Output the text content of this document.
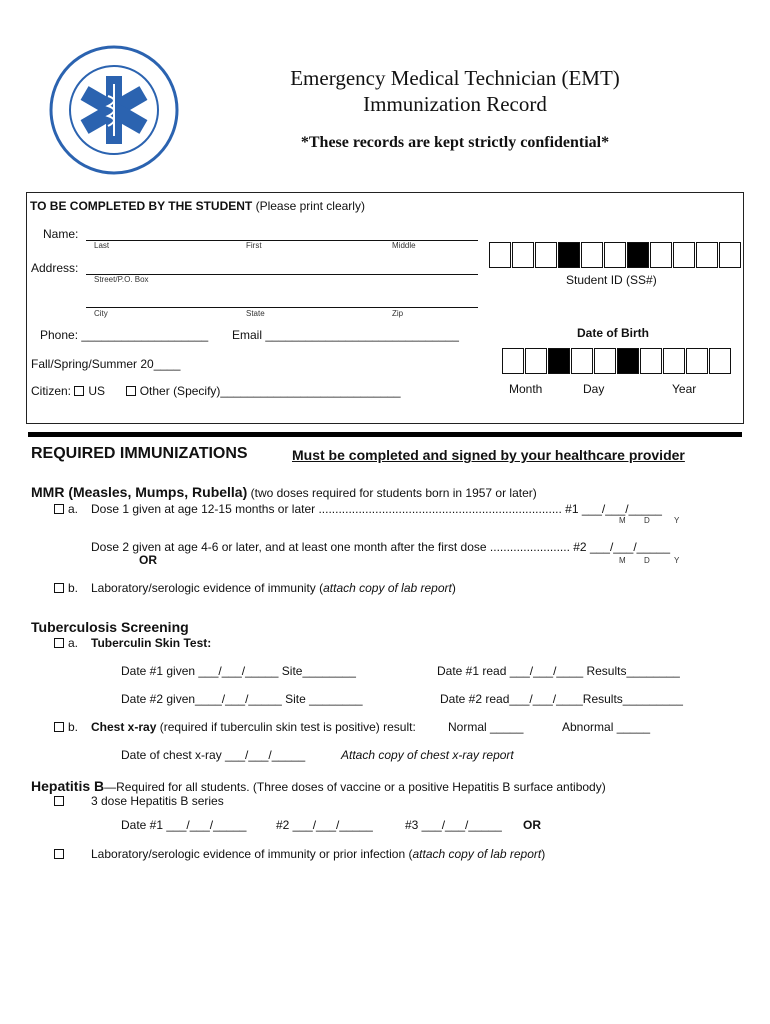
Emergency Medical Technician (EMT)
Immunization Record
*These records are kept strictly confidential*
TO BE COMPLETED BY THE STUDENT (Please print clearly)
Name:
Last	First	Middle
Address:
Street/P.O. Box
City	State	Zip
Phone: ___________________ Email _____________________________
Fall/Spring/Summer 20____
Citizen: US	Other (Specify)___________________________
Student ID (SS#)
Date of Birth
Month	Day	Year
REQUIRED IMMUNIZATIONS	Must be completed and signed by your healthcare provider
MMR (Measles, Mumps, Rubella) (two doses required for students born in 1957 or later)
a. Dose 1 given at age 12-15 months or later ......................................................................... #1 ___/___/_____
M D	Y
Dose 2 given at age 4-6 or later, and at least one month after the first dose ........................ #2 ___/___/_____
OR	M D	Y
b. Laboratory/serologic evidence of immunity (attach copy of lab report)
Tuberculosis Screening
a. Tuberculin Skin Test:
Date #1 given ___/___/_____ Site________	Date #1 read ___/___/____ Results________
Date #2 given____/___/_____ Site ________	Date #2 read___/___/____Results_________
b. Chest x-ray (required if tuberculin skin test is positive) result:	Normal _____	Abnormal _____
Date of chest x-ray ___/___/_____	Attach copy of chest x-ray report
Hepatitis B—Required for all students. (Three doses of vaccine or a positive Hepatitis B surface antibody)
3 dose Hepatitis B series
Date #1 ___/___/_____ #2 ___/___/_____	#3 ___/___/_____ OR
Laboratory/serologic evidence of immunity or prior infection (attach copy of lab report)
